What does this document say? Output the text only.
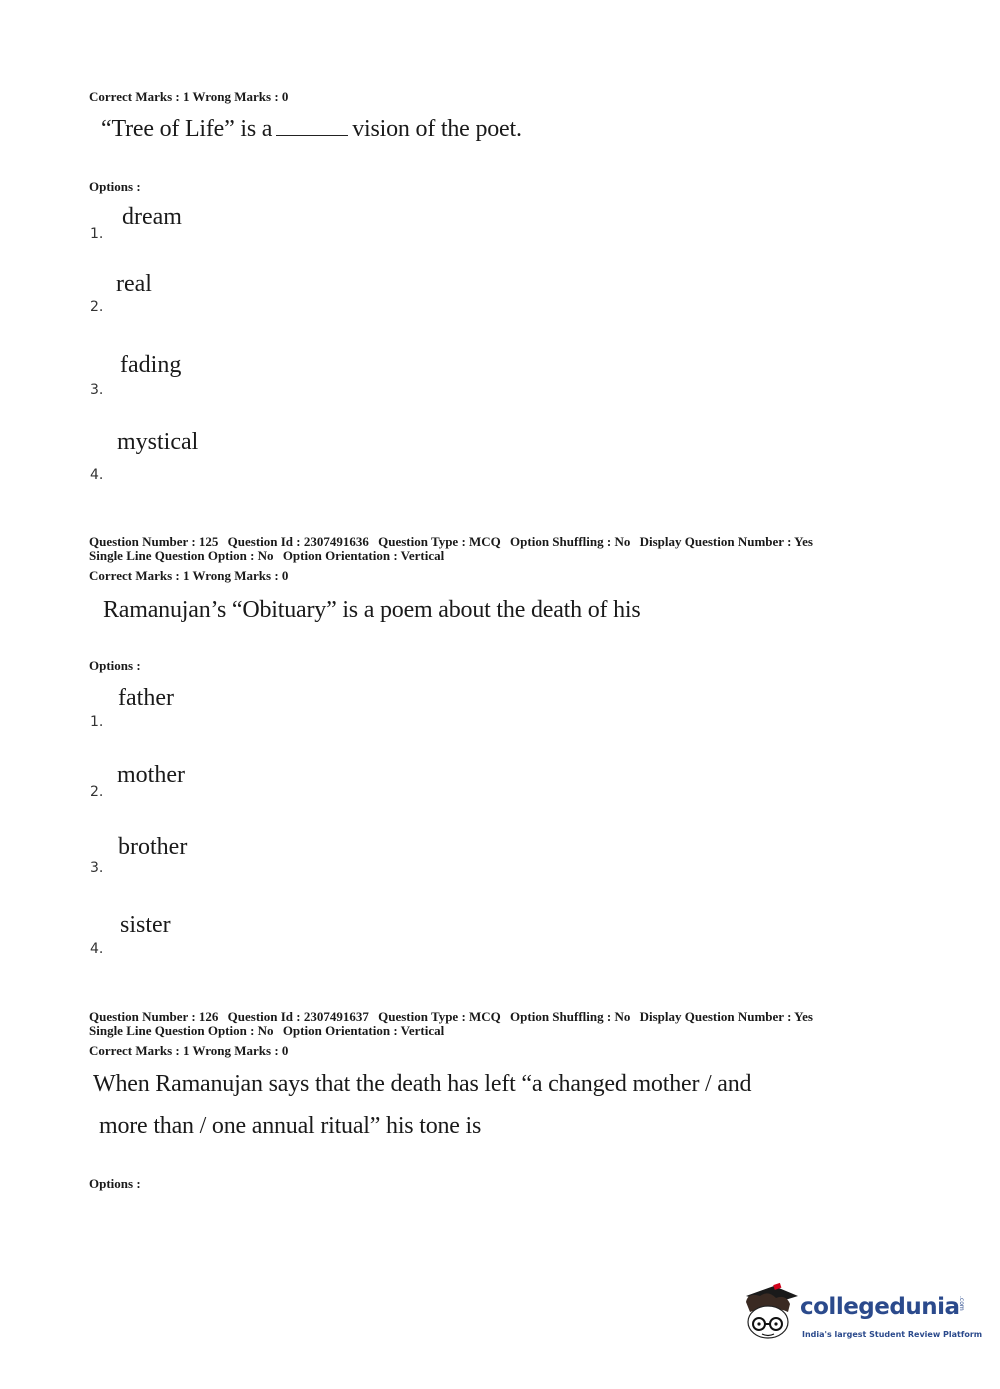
Correct Marks : 1 Wrong Marks : 0
“Tree of Life” is a	vision of the poet.
Options :
dream
1.
real
2.
fading
3.
mystical
4.
Question Number : 125 Question Id : 2307491636 Question Type : MCQ Option Shuffling : No Display Question Number : Yes
Single Line Question Option : No Option Orientation : Vertical
Correct Marks : 1 Wrong Marks : 0
Ramanujan’s “Obituary” is a poem about the death of his
Options :
father
1.
mother
2.
brother
3.
sister
4.
Question Number : 126 Question Id : 2307491637 Question Type : MCQ Option Shuffling : No Display Question Number : Yes
Single Line Question Option : No Option Orientation : Vertical
Correct Marks : 1 Wrong Marks : 0
When Ramanujan says that the death has left “a changed mother / and
more than / one annual ritual” his tone is
Options :
collegedunia
.com
India's largest Student Review Platform
